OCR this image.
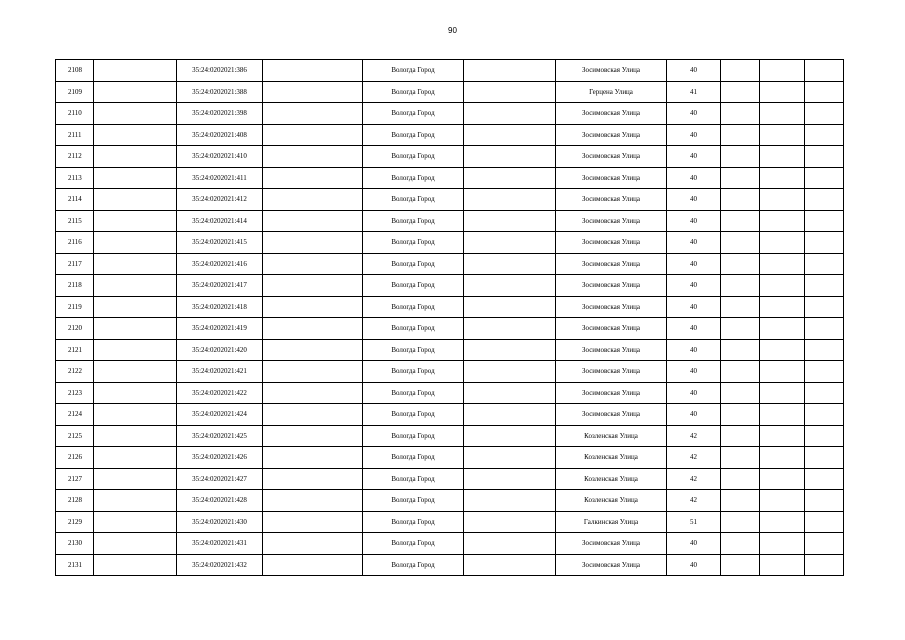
90
2108		35:24:0202021:386		Вологда Город		Зосимовская Улица	40			
2109		35:24:0202021:388		Вологда Город		Герцена Улица	41			
2110		35:24:0202021:398		Вологда Город		Зосимовская Улица	40			
2111		35:24:0202021:408		Вологда Город		Зосимовская Улица	40			
2112		35:24:0202021:410		Вологда Город		Зосимовская Улица	40			
2113		35:24:0202021:411		Вологда Город		Зосимовская Улица	40			
2114		35:24:0202021:412		Вологда Город		Зосимовская Улица	40			
2115		35:24:0202021:414		Вологда Город		Зосимовская Улица	40			
2116		35:24:0202021:415		Вологда Город		Зосимовская Улица	40			
2117		35:24:0202021:416		Вологда Город		Зосимовская Улица	40			
2118		35:24:0202021:417		Вологда Город		Зосимовская Улица	40			
2119		35:24:0202021:418		Вологда Город		Зосимовская Улица	40			
2120		35:24:0202021:419		Вологда Город		Зосимовская Улица	40			
2121		35:24:0202021:420		Вологда Город		Зосимовская Улица	40			
2122		35:24:0202021:421		Вологда Город		Зосимовская Улица	40			
2123		35:24:0202021:422		Вологда Город		Зосимовская Улица	40			
2124		35:24:0202021:424		Вологда Город		Зосимовская Улица	40			
2125		35:24:0202021:425		Вологда Город		Козленская Улица	42			
2126		35:24:0202021:426		Вологда Город		Козленская Улица	42			
2127		35:24:0202021:427		Вологда Город		Козленская Улица	42			
2128		35:24:0202021:428		Вологда Город		Козленская Улица	42			
2129		35:24:0202021:430		Вологда Город		Галкинская Улица	51			
2130		35:24:0202021:431		Вологда Город		Зосимовская Улица	40			
2131		35:24:0202021:432		Вологда Город		Зосимовская Улица	40			
